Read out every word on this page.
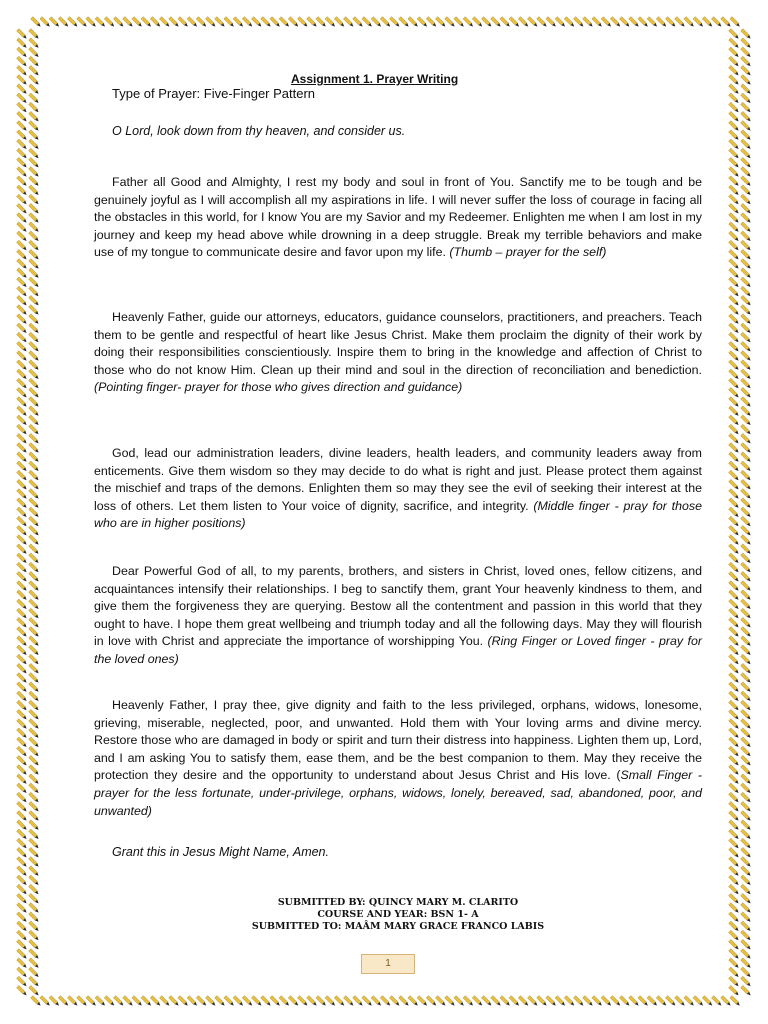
Assignment 1. Prayer Writing
Type of Prayer: Five-Finger Pattern
O Lord, look down from thy heaven, and consider us.
Father all Good and Almighty, I rest my body and soul in front of You. Sanctify me to be tough and be genuinely joyful as I will accomplish all my aspirations in life. I will never suffer the loss of courage in facing all the obstacles in this world, for I know You are my Savior and my Redeemer. Enlighten me when I am lost in my journey and keep my head above while drowning in a deep struggle. Break my terrible behaviors and make use of my tongue to communicate desire and favor upon my life. (Thumb – prayer for the self)
Heavenly Father, guide our attorneys, educators, guidance counselors, practitioners, and preachers. Teach them to be gentle and respectful of heart like Jesus Christ. Make them proclaim the dignity of their work by doing their responsibilities conscientiously. Inspire them to bring in the knowledge and affection of Christ to those who do not know Him. Clean up their mind and soul in the direction of reconciliation and benediction. (Pointing finger- prayer for those who gives direction and guidance)
God, lead our administration leaders, divine leaders, health leaders, and community leaders away from enticements. Give them wisdom so they may decide to do what is right and just. Please protect them against the mischief and traps of the demons. Enlighten them so may they see the evil of seeking their interest at the loss of others. Let them listen to Your voice of dignity, sacrifice, and integrity. (Middle finger - pray for those who are in higher positions)
Dear Powerful God of all, to my parents, brothers, and sisters in Christ, loved ones, fellow citizens, and acquaintances intensify their relationships. I beg to sanctify them, grant Your heavenly kindness to them, and give them the forgiveness they are querying. Bestow all the contentment and passion in this world that they ought to have. I hope them great wellbeing and triumph today and all the following days. May they will flourish in love with Christ and appreciate the importance of worshipping You. (Ring Finger or Loved finger - pray for the loved ones)
Heavenly Father, I pray thee, give dignity and faith to the less privileged, orphans, widows, lonesome, grieving, miserable, neglected, poor, and unwanted. Hold them with Your loving arms and divine mercy. Restore those who are damaged in body or spirit and turn their distress into happiness. Lighten them up, Lord, and I am asking You to satisfy them, ease them, and be the best companion to them. May they receive the protection they desire and the opportunity to understand about Jesus Christ and His love. (Small Finger - prayer for the less fortunate, under-privilege, orphans, widows, lonely, bereaved, sad, abandoned, poor, and unwanted)
Grant this in Jesus Might Name, Amen.
SUBMITTED BY: QUINCY MARY M. CLARITO
COURSE AND YEAR: BSN 1- A
SUBMITTED TO: MAÂM MARY GRACE FRANCO LABIS
1
